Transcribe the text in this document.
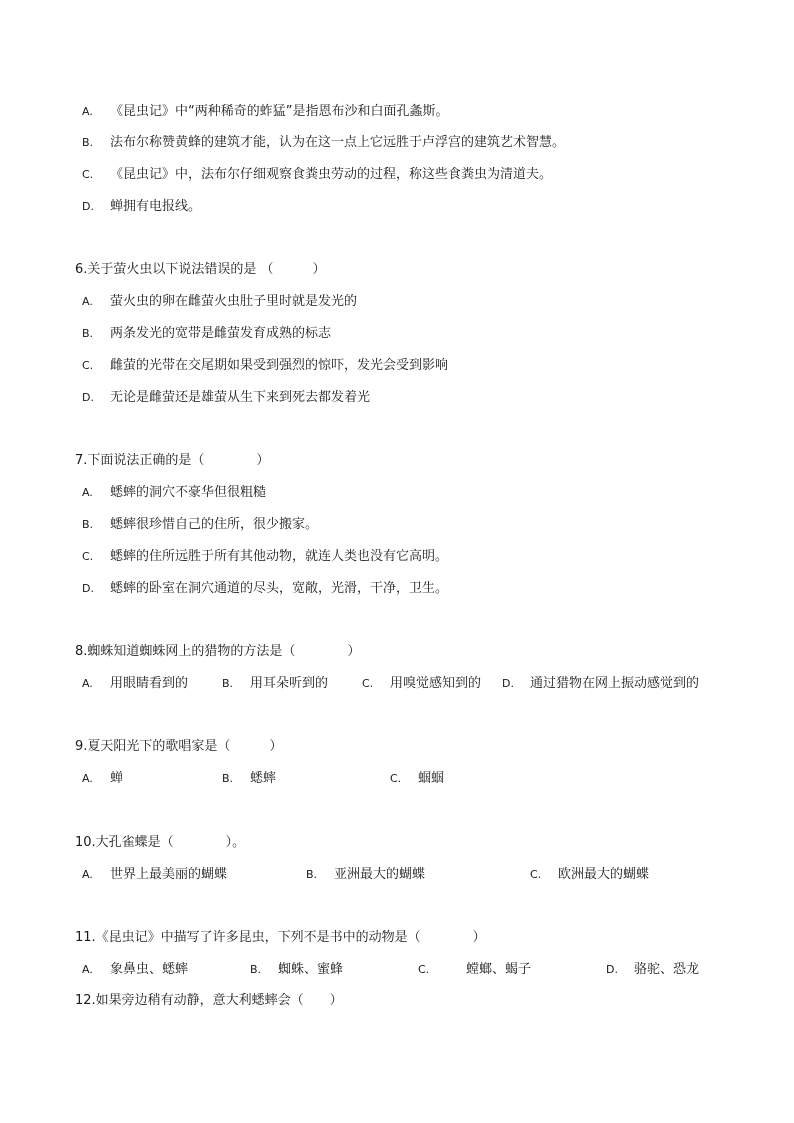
A. 《昆虫记》中“两种稀奇的蚱猛”是指恩布沙和白面孔螽斯。
B. 法布尔称赞黄蜂的建筑才能，认为在这一点上它远胜于卢浮宫的建筑艺术智慧。
C. 《昆虫记》中，法布尔仔细观察食粪虫劳动的过程，称这些食粪虫为清道夫。
D. 蝉拥有电报线。
6.关于萤火虫以下说法错误的是 （　　　）
A. 萤火虫的卵在雌萤火虫肚子里时就是发光的
B. 两条发光的宽带是雌萤发育成熟的标志
C. 雌萤的光带在交尾期如果受到强烈的惊吓，发光会受到影响
D. 无论是雌萤还是雄萤从生下来到死去都发着光
7.下面说法正确的是（　　　　）
A. 蟋蟀的洞穴不豪华但很粗糙
B. 蟋蟀很珍惜自己的住所，很少搬家。
C. 蟋蟀的住所远胜于所有其他动物，就连人类也没有它高明。
D. 蟋蟀的卧室在洞穴通道的尽头，宽敞，光滑，干净，卫生。
8.蜘蛛知道蜘蛛网上的猎物的方法是（　　　　）
A. 用眼睛看到的	B. 用耳朵听到的	C. 用嗅觉感知到的 D. 通过猎物在网上振动感觉到的
9.夏天阳光下的歌唱家是（　　　）
A. 蝉	B. 蟋蟀	C. 蝈蝈
10.大孔雀蝶是（　　　　）。
A. 世界上最美丽的蝴蝶	B. 亚洲最大的蝴蝶	C. 欧洲最大的蝴蝶
11.《昆虫记》中描写了许多昆虫，下列不是书中的动物是（　　　　）
A. 象鼻虫、蟋蟀	B. 蜘蛛、蜜蜂	C.	螳螂、蝎子	D. 骆驼、恐龙
12.如果旁边稍有动静，意大利蟋蟀会（　　）
